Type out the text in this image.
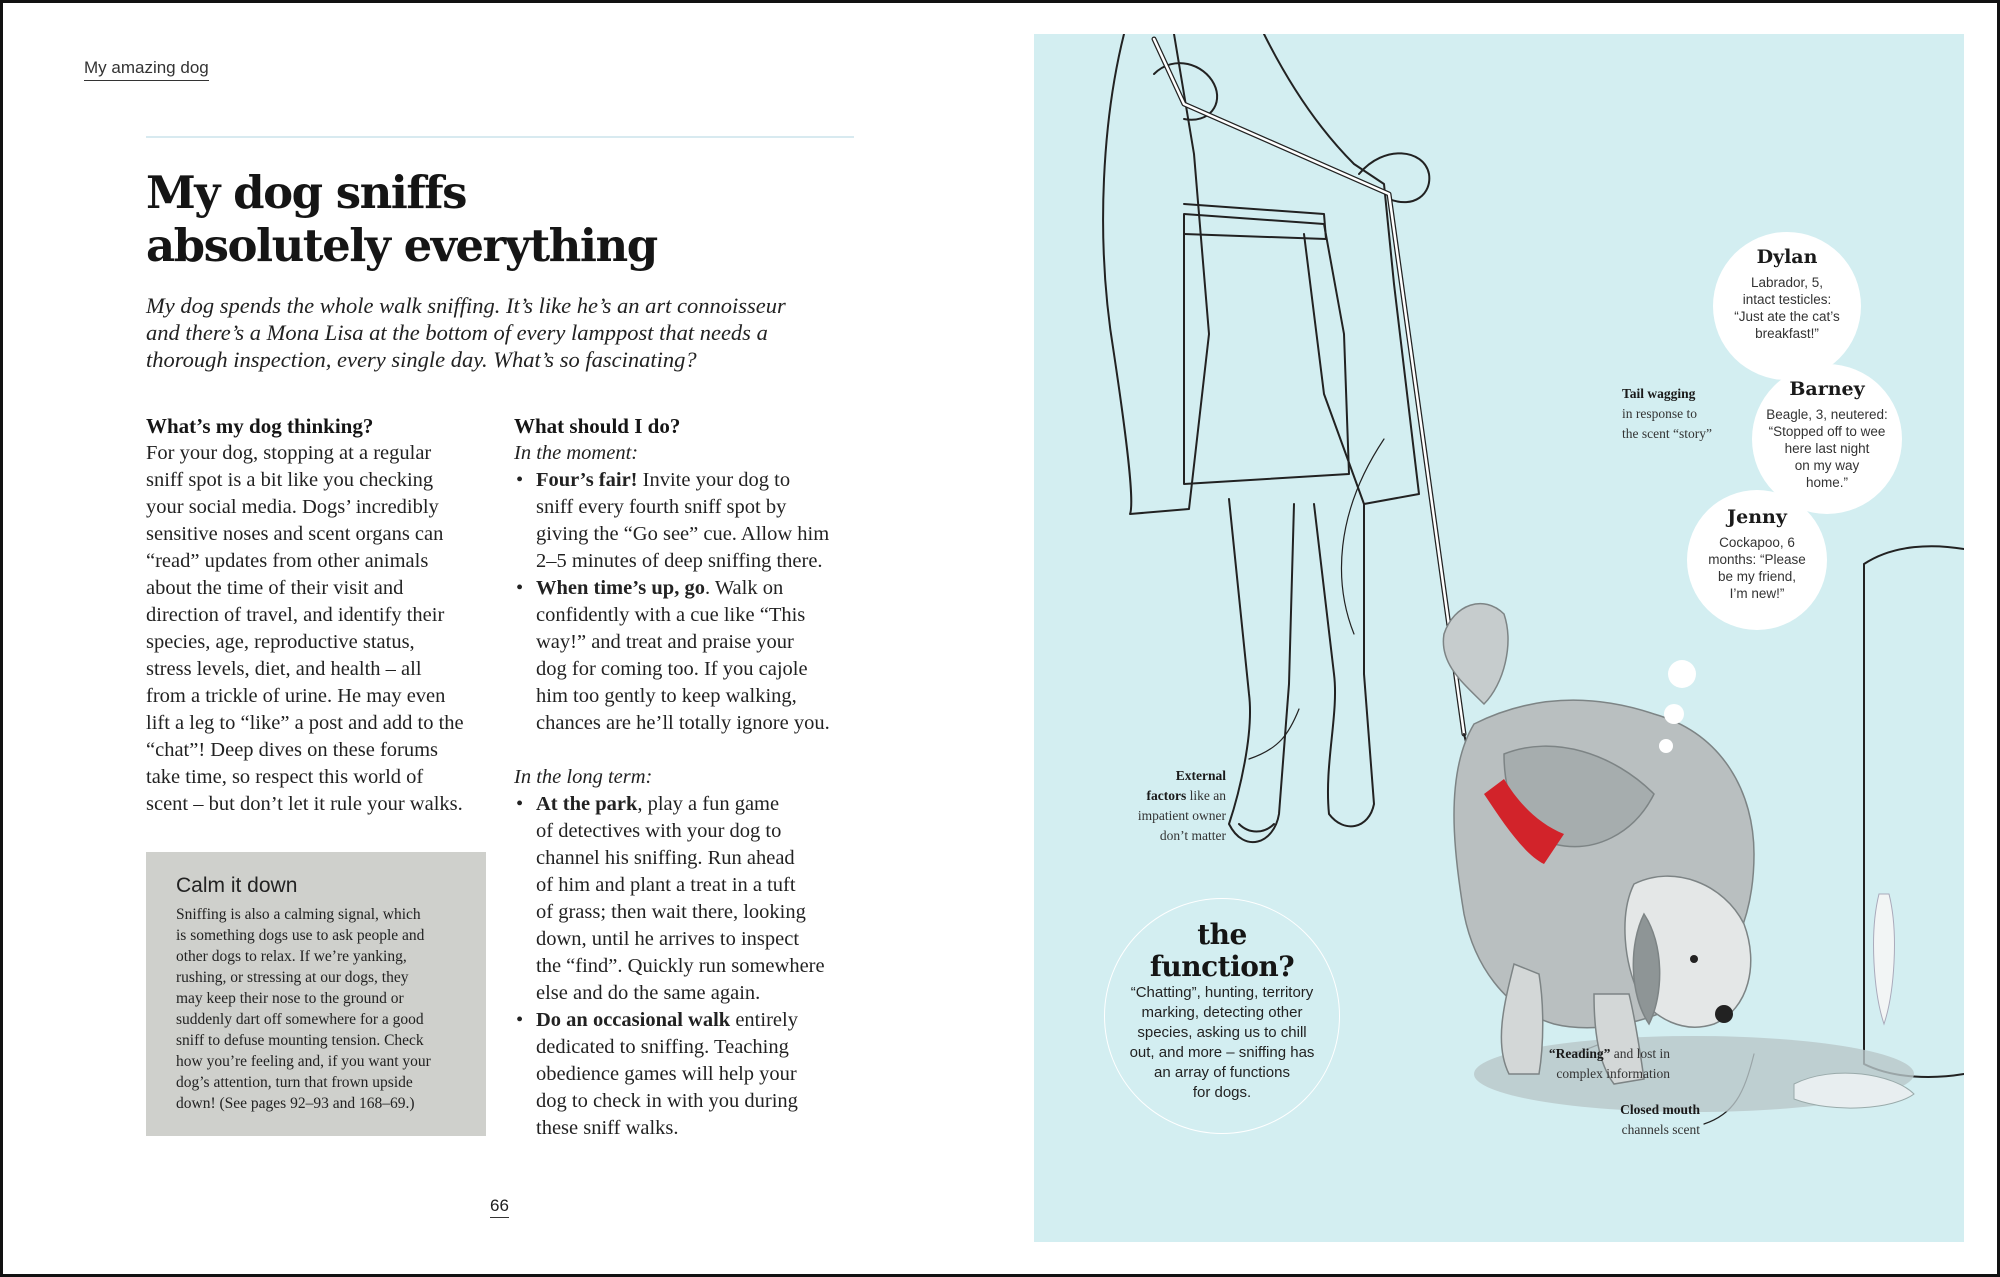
My amazing dog
My dog sniffs
absolutely everything
My dog spends the whole walk sniffing. It’s like he’s an art connoisseur
and there’s a Mona Lisa at the bottom of every lamppost that needs a
thorough inspection, every single day. What’s so fascinating?
What’s my dog thinking?
For your dog, stopping at a regular
sniff spot is a bit like you checking
your social media. Dogs’ incredibly
sensitive noses and scent organs can
“read” updates from other animals
about the time of their visit and
direction of travel, and identify their
species, age, reproductive status,
stress levels, diet, and health – all
from a trickle of urine. He may even
lift a leg to “like” a post and add to the
“chat”! Deep dives on these forums
take time, so respect this world of
scent – but don’t let it rule your walks.
Calm it down
Sniffing is also a calming signal, which
is something dogs use to ask people and
other dogs to relax. If we’re yanking,
rushing, or stressing at our dogs, they
may keep their nose to the ground or
suddenly dart off somewhere for a good
sniff to defuse mounting tension. Check
how you’re feeling and, if you want your
dog’s attention, turn that frown upside
down! (See pages 92–93 and 168–69.)
What should I do?
In the moment:
• Four’s fair! Invite your dog to
sniff every fourth sniff spot by
giving the “Go see” cue. Allow him
2–5 minutes of deep sniffing there.
• When time’s up, go. Walk on
confidently with a cue like “This
way!” and treat and praise your
dog for coming too. If you cajole
him too gently to keep walking,
chances are he’ll totally ignore you.
In the long term:
• At the park, play a fun game
of detectives with your dog to
channel his sniffing. Run ahead
of him and plant a treat in a tuft
of grass; then wait there, looking
down, until he arrives to inspect
the “find”. Quickly run somewhere
else and do the same again.
• Do an occasional walk entirely
dedicated to sniffing. Teaching
obedience games will help your
dog to check in with you during
these sniff walks.
66
Dylan
Labrador, 5,
intact testicles:
“Just ate the cat’s
breakfast!”
Barney
Beagle, 3, neutered:
“Stopped off to wee
here last night
on my way
home.”
Jenny
Cockapoo, 6
months: “Please
be my friend,
I’m new!”
Tail wagging
in response to
the scent “story”
External
factors like an
impatient owner
don’t matter
“Reading” and lost in
complex information
Closed mouth
channels scent
the
function?
“Chatting”, hunting, territory
marking, detecting other
species, asking us to chill
out, and more – sniffing has
an array of functions
for dogs.
